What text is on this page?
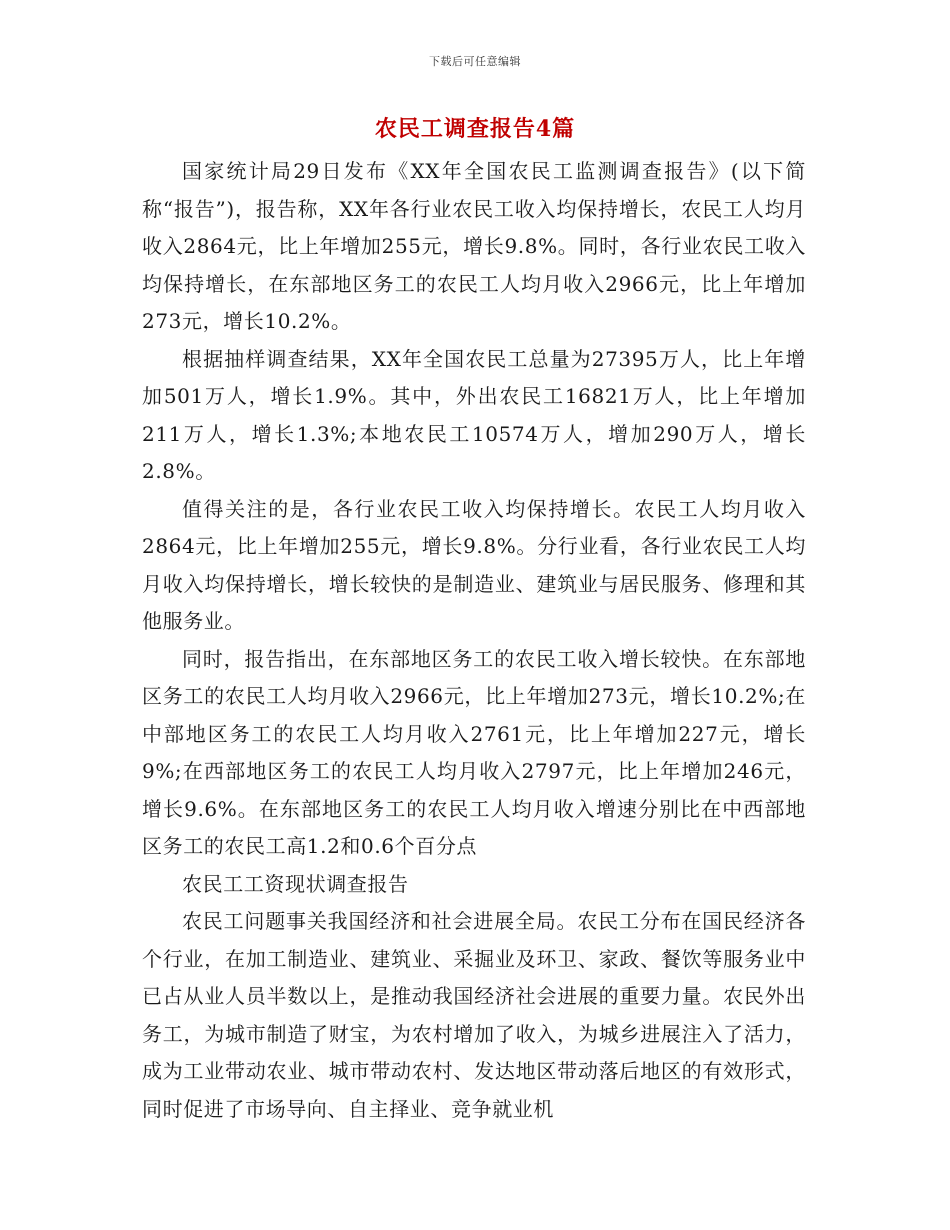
下载后可任意编辑
农民工调查报告4篇

国家统计局29日发布《XX年全国农民工监测调查报告》(以下简称“报告”)，报告称，XX年各行业农民工收入均保持增长，农民工人均月收入2864元，比上年增加255元，增长9.8%。同时，各行业农民工收入均保持增长，在东部地区务工的农民工人均月收入2966元，比上年增加273元，增长10.2%。

根据抽样调查结果，XX年全国农民工总量为27395万人，比上年增加501万人，增长1.9%。其中，外出农民工16821万人，比上年增加211万人，增长1.3%;本地农民工10574万人，增加290万人，增长2.8%。

值得关注的是，各行业农民工收入均保持增长。农民工人均月收入2864元，比上年增加255元，增长9.8%。分行业看，各行业农民工人均月收入均保持增长，增长较快的是制造业、建筑业与居民服务、修理和其他服务业。

同时，报告指出，在东部地区务工的农民工收入增长较快。在东部地区务工的农民工人均月收入2966元，比上年增加273元，增长10.2%;在中部地区务工的农民工人均月收入2761元，比上年增加227元，增长9%;在西部地区务工的农民工人均月收入2797元，比上年增加246元，增长9.6%。在东部地区务工的农民工人均月收入增速分别比在中西部地区务工的农民工高1.2和0.6个百分点

农民工工资现状调查报告

农民工问题事关我国经济和社会进展全局。农民工分布在国民经济各个行业，在加工制造业、建筑业、采掘业及环卫、家政、餐饮等服务业中已占从业人员半数以上，是推动我国经济社会进展的重要力量。农民外出务工，为城市制造了财宝，为农村增加了收入，为城乡进展注入了活力，成为工业带动农业、城市带动农村、发达地区带动落后地区的有效形式，同时促进了市场导向、自主择业、竞争就业机
